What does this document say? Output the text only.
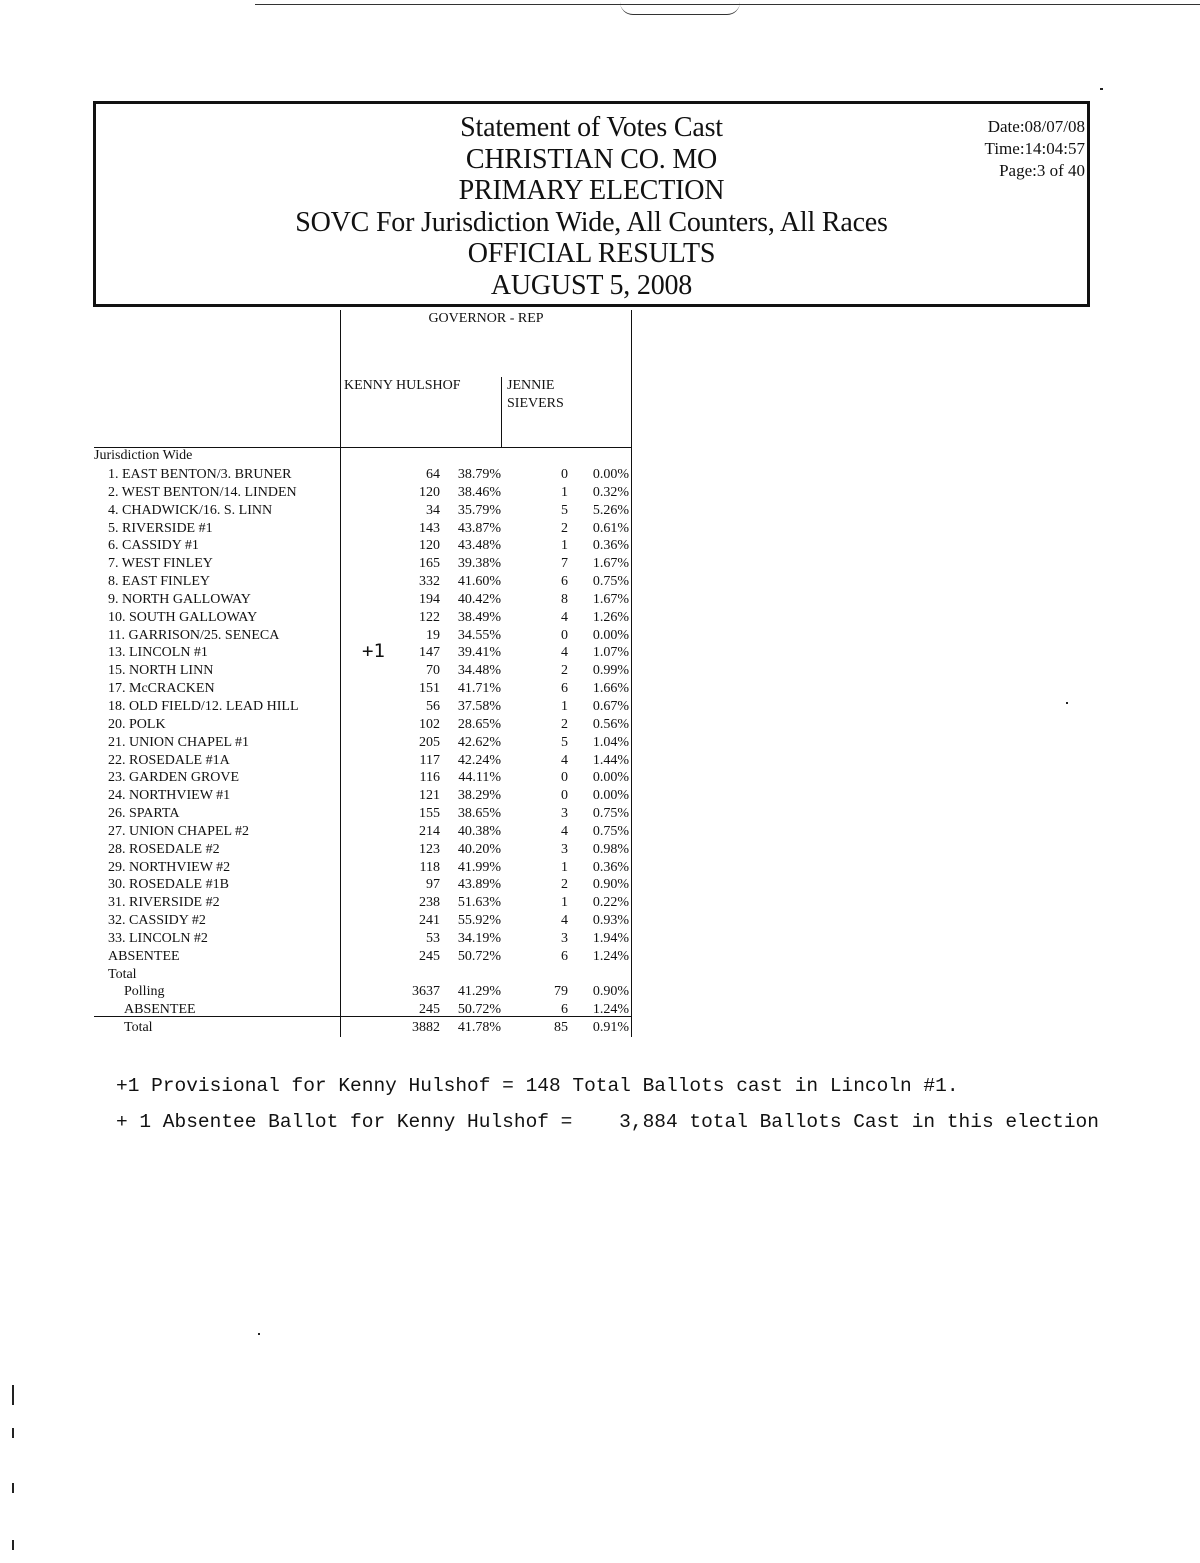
Statement of Votes Cast
CHRISTIAN CO. MO
PRIMARY ELECTION
SOVC For Jurisdiction Wide, All Counters, All Races
OFFICIAL RESULTS
AUGUST 5, 2008
Date:08/07/08
Time:14:04:57
Page:3 of 40
GOVERNOR - REP
KENNY HULSHOF	JENNIE
SIEVERS
Jurisdiction Wide
1. EAST BENTON/3. BRUNER	64 38.79%	0 0.00%
2. WEST BENTON/14. LINDEN	120 38.46%	1 0.32%
4. CHADWICK/16. S. LINN	34 35.79%	5 5.26%
5. RIVERSIDE #1	143 43.87%	2 0.61%
6. CASSIDY #1	120 43.48%	1 0.36%
7. WEST FINLEY	165 39.38%	7 1.67%
8. EAST FINLEY	332 41.60%	6 0.75%
9. NORTH GALLOWAY	194 40.42%	8 1.67%
10. SOUTH GALLOWAY	122 38.49%	4 1.26%
11. GARRISON/25. SENECA	19 34.55%	0 0.00%
13. LINCOLN #1	147 39.41%	4 1.07%
+1
15. NORTH LINN	70 34.48%	2 0.99%
17. McCRACKEN	151 41.71%	6 1.66%
18. OLD FIELD/12. LEAD HILL	56 37.58%	1 0.67%
20. POLK	102 28.65%	2 0.56%
21. UNION CHAPEL #1	205 42.62%	5 1.04%
22. ROSEDALE #1A	117 42.24%	4 1.44%
23. GARDEN GROVE	116 44.11%	0 0.00%
24. NORTHVIEW #1	121 38.29%	0 0.00%
26. SPARTA	155 38.65%	3 0.75%
27. UNION CHAPEL #2	214 40.38%	4 0.75%
28. ROSEDALE #2	123 40.20%	3 0.98%
29. NORTHVIEW #2	118 41.99%	1 0.36%
30. ROSEDALE #1B	97 43.89%	2 0.90%
31. RIVERSIDE #2	238 51.63%	1 0.22%
32. CASSIDY #2	241 55.92%	4 0.93%
33. LINCOLN #2	53 34.19%	3 1.94%
ABSENTEE	245 50.72%	6 1.24%
Total
Polling	3637 41.29%	79 0.90%
ABSENTEE	245 50.72%	6 1.24%
Total	3882 41.78%	85 0.91%
+1 Provisional for Kenny Hulshof = 148 Total Ballots cast in Lincoln #1.
+ 1 Absentee Ballot for Kenny Hulshof =    3,884 total Ballots Cast in this election
